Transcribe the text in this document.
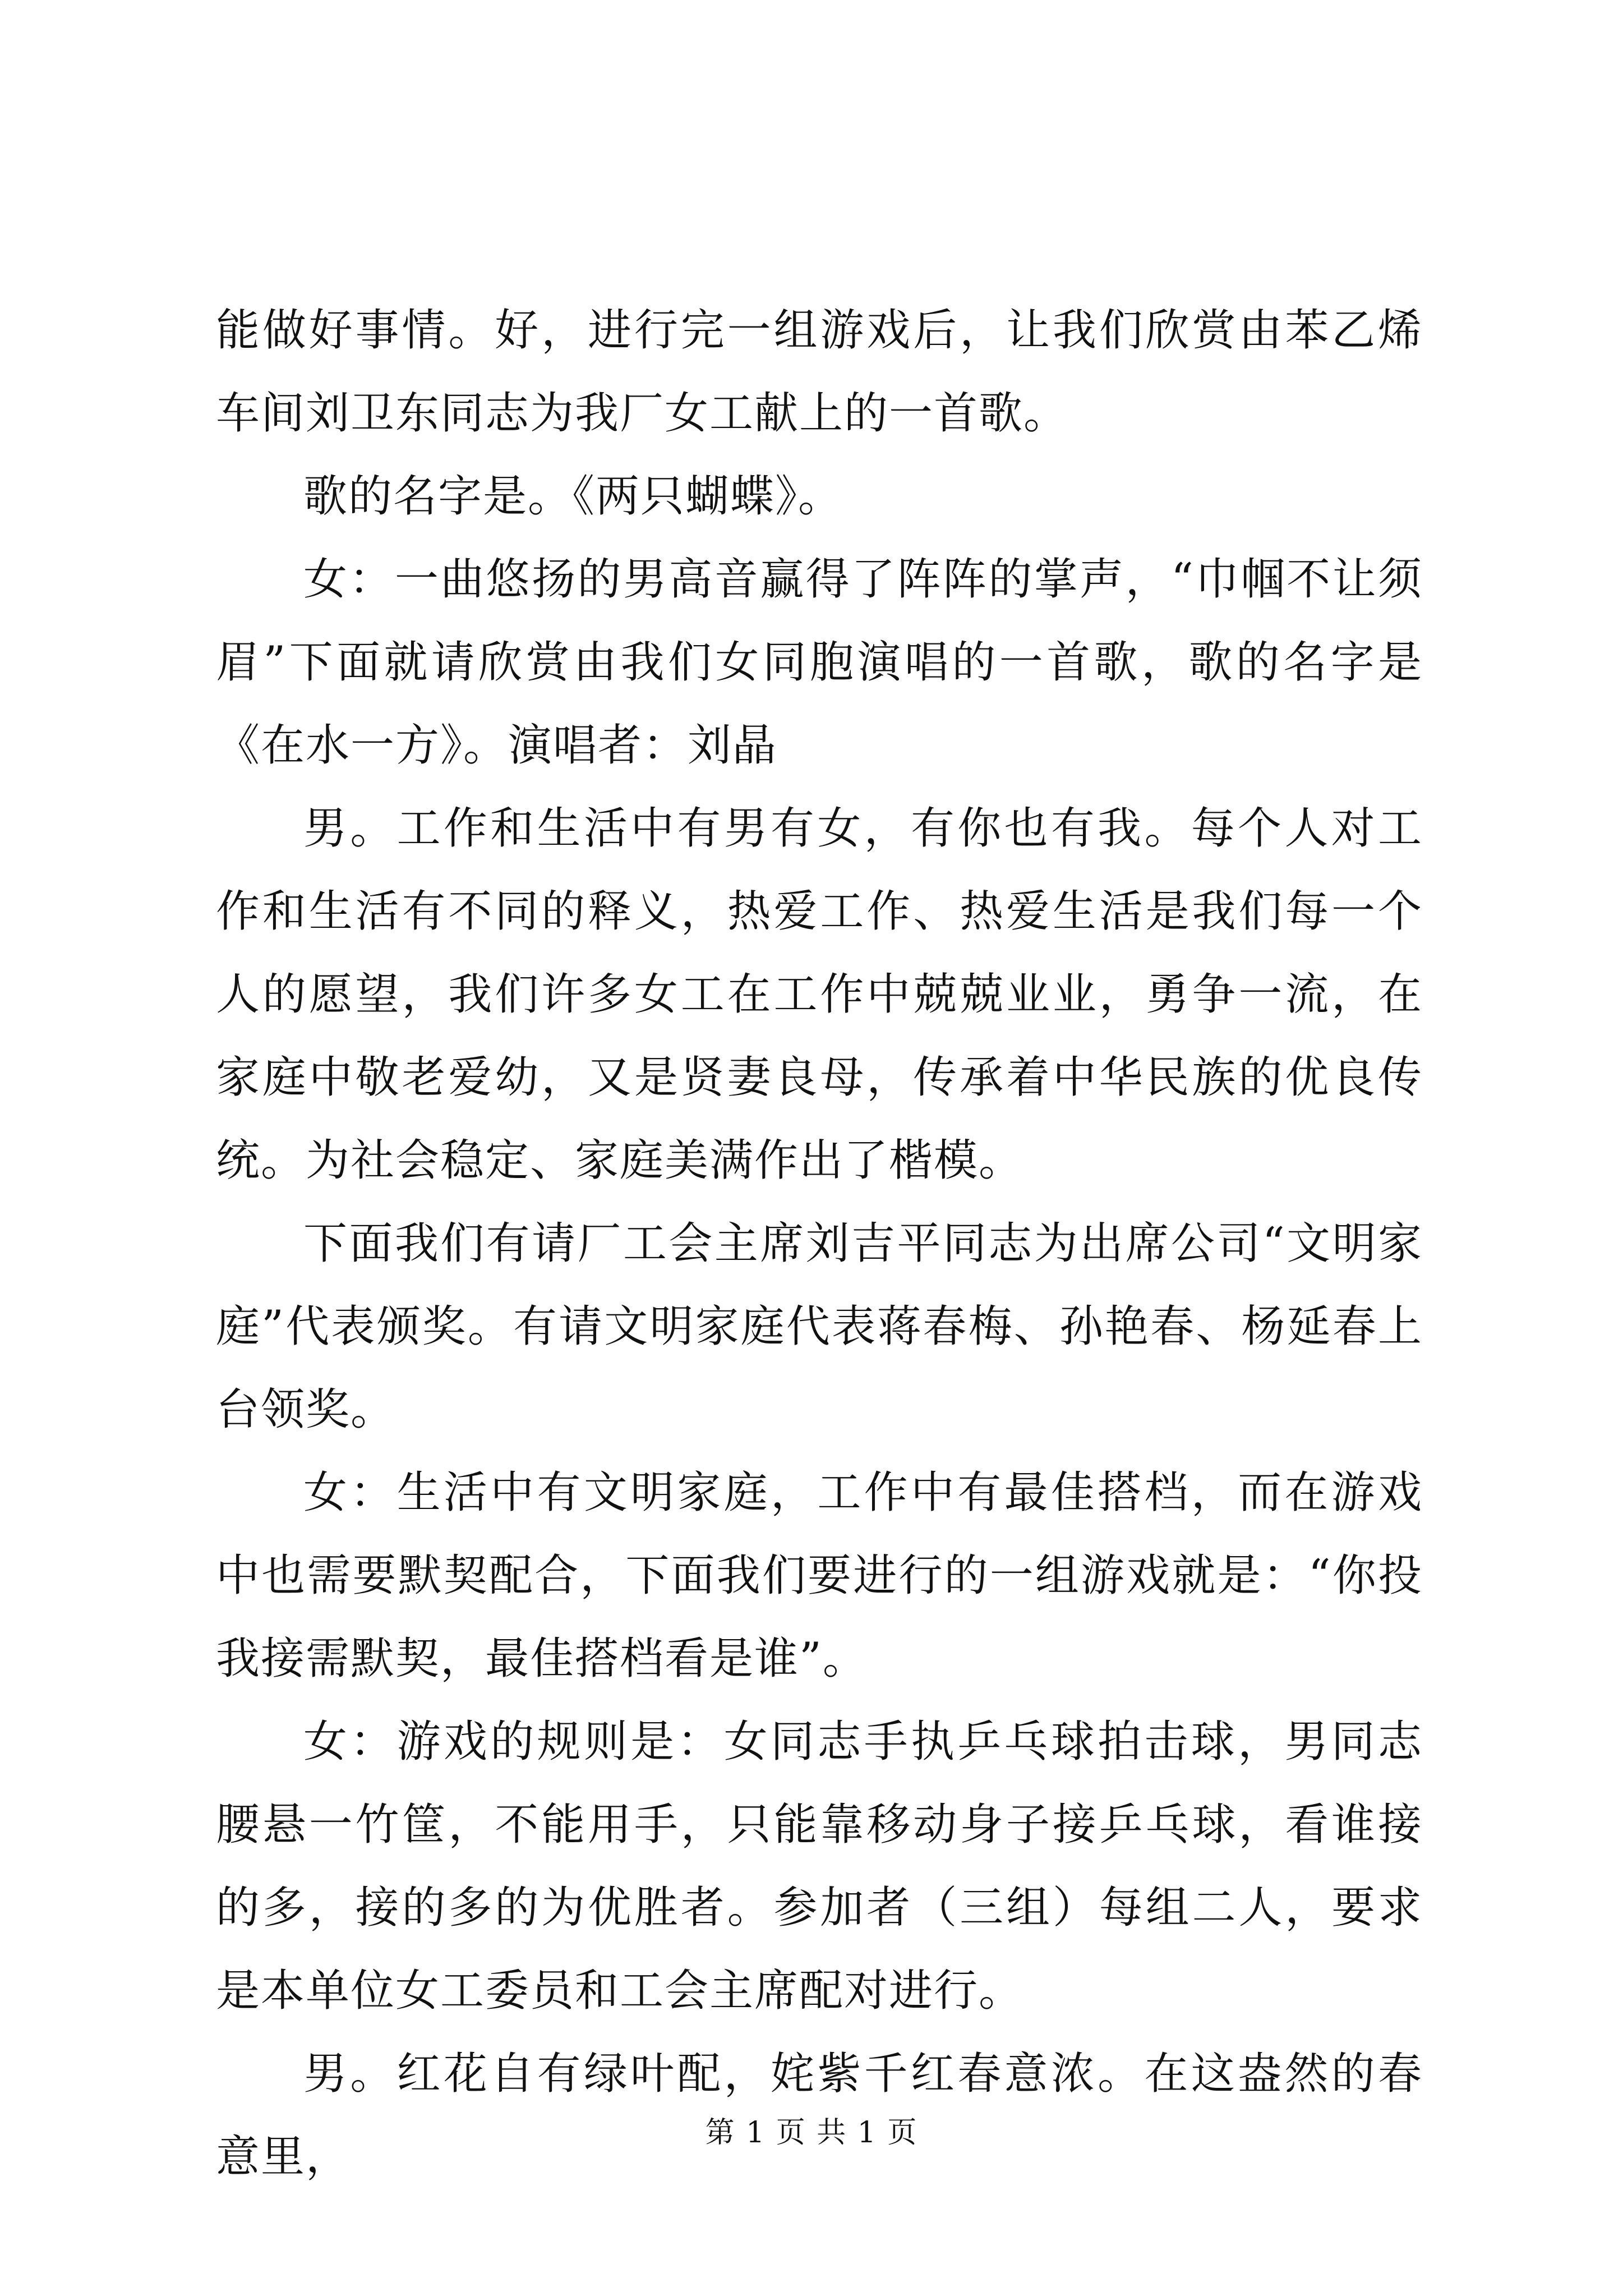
能做好事情。好，进行完一组游戏后，让我们欣赏由苯乙烯车间刘卫东同志为我厂女工献上的一首歌。

歌的名字是。《两只蝴蝶》。

女：一曲悠扬的男高音赢得了阵阵的掌声，“巾帼不让须眉”下面就请欣赏由我们女同胞演唱的一首歌，歌的名字是《在水一方》。演唱者：刘晶

男。工作和生活中有男有女，有你也有我。每个人对工作和生活有不同的释义，热爱工作、热爱生活是我们每一个人的愿望，我们许多女工在工作中兢兢业业，勇争一流，在家庭中敬老爱幼，又是贤妻良母，传承着中华民族的优良传统。为社会稳定、家庭美满作出了楷模。

下面我们有请厂工会主席刘吉平同志为出席公司“文明家庭”代表颁奖。有请文明家庭代表蒋春梅、孙艳春、杨延春上台领奖。

女：生活中有文明家庭，工作中有最佳搭档，而在游戏中也需要默契配合，下面我们要进行的一组游戏就是：“你投我接需默契，最佳搭档看是谁”。

女：游戏的规则是：女同志手执乒乓球拍击球，男同志腰悬一竹筐，不能用手，只能靠移动身子接乒乓球，看谁接的多，接的多的为优胜者。参加者（三组）每组二人，要求是本单位女工委员和工会主席配对进行。

男。红花自有绿叶配，姹紫千红春意浓。在这盎然的春意里，	第 1 页 共 1 页
